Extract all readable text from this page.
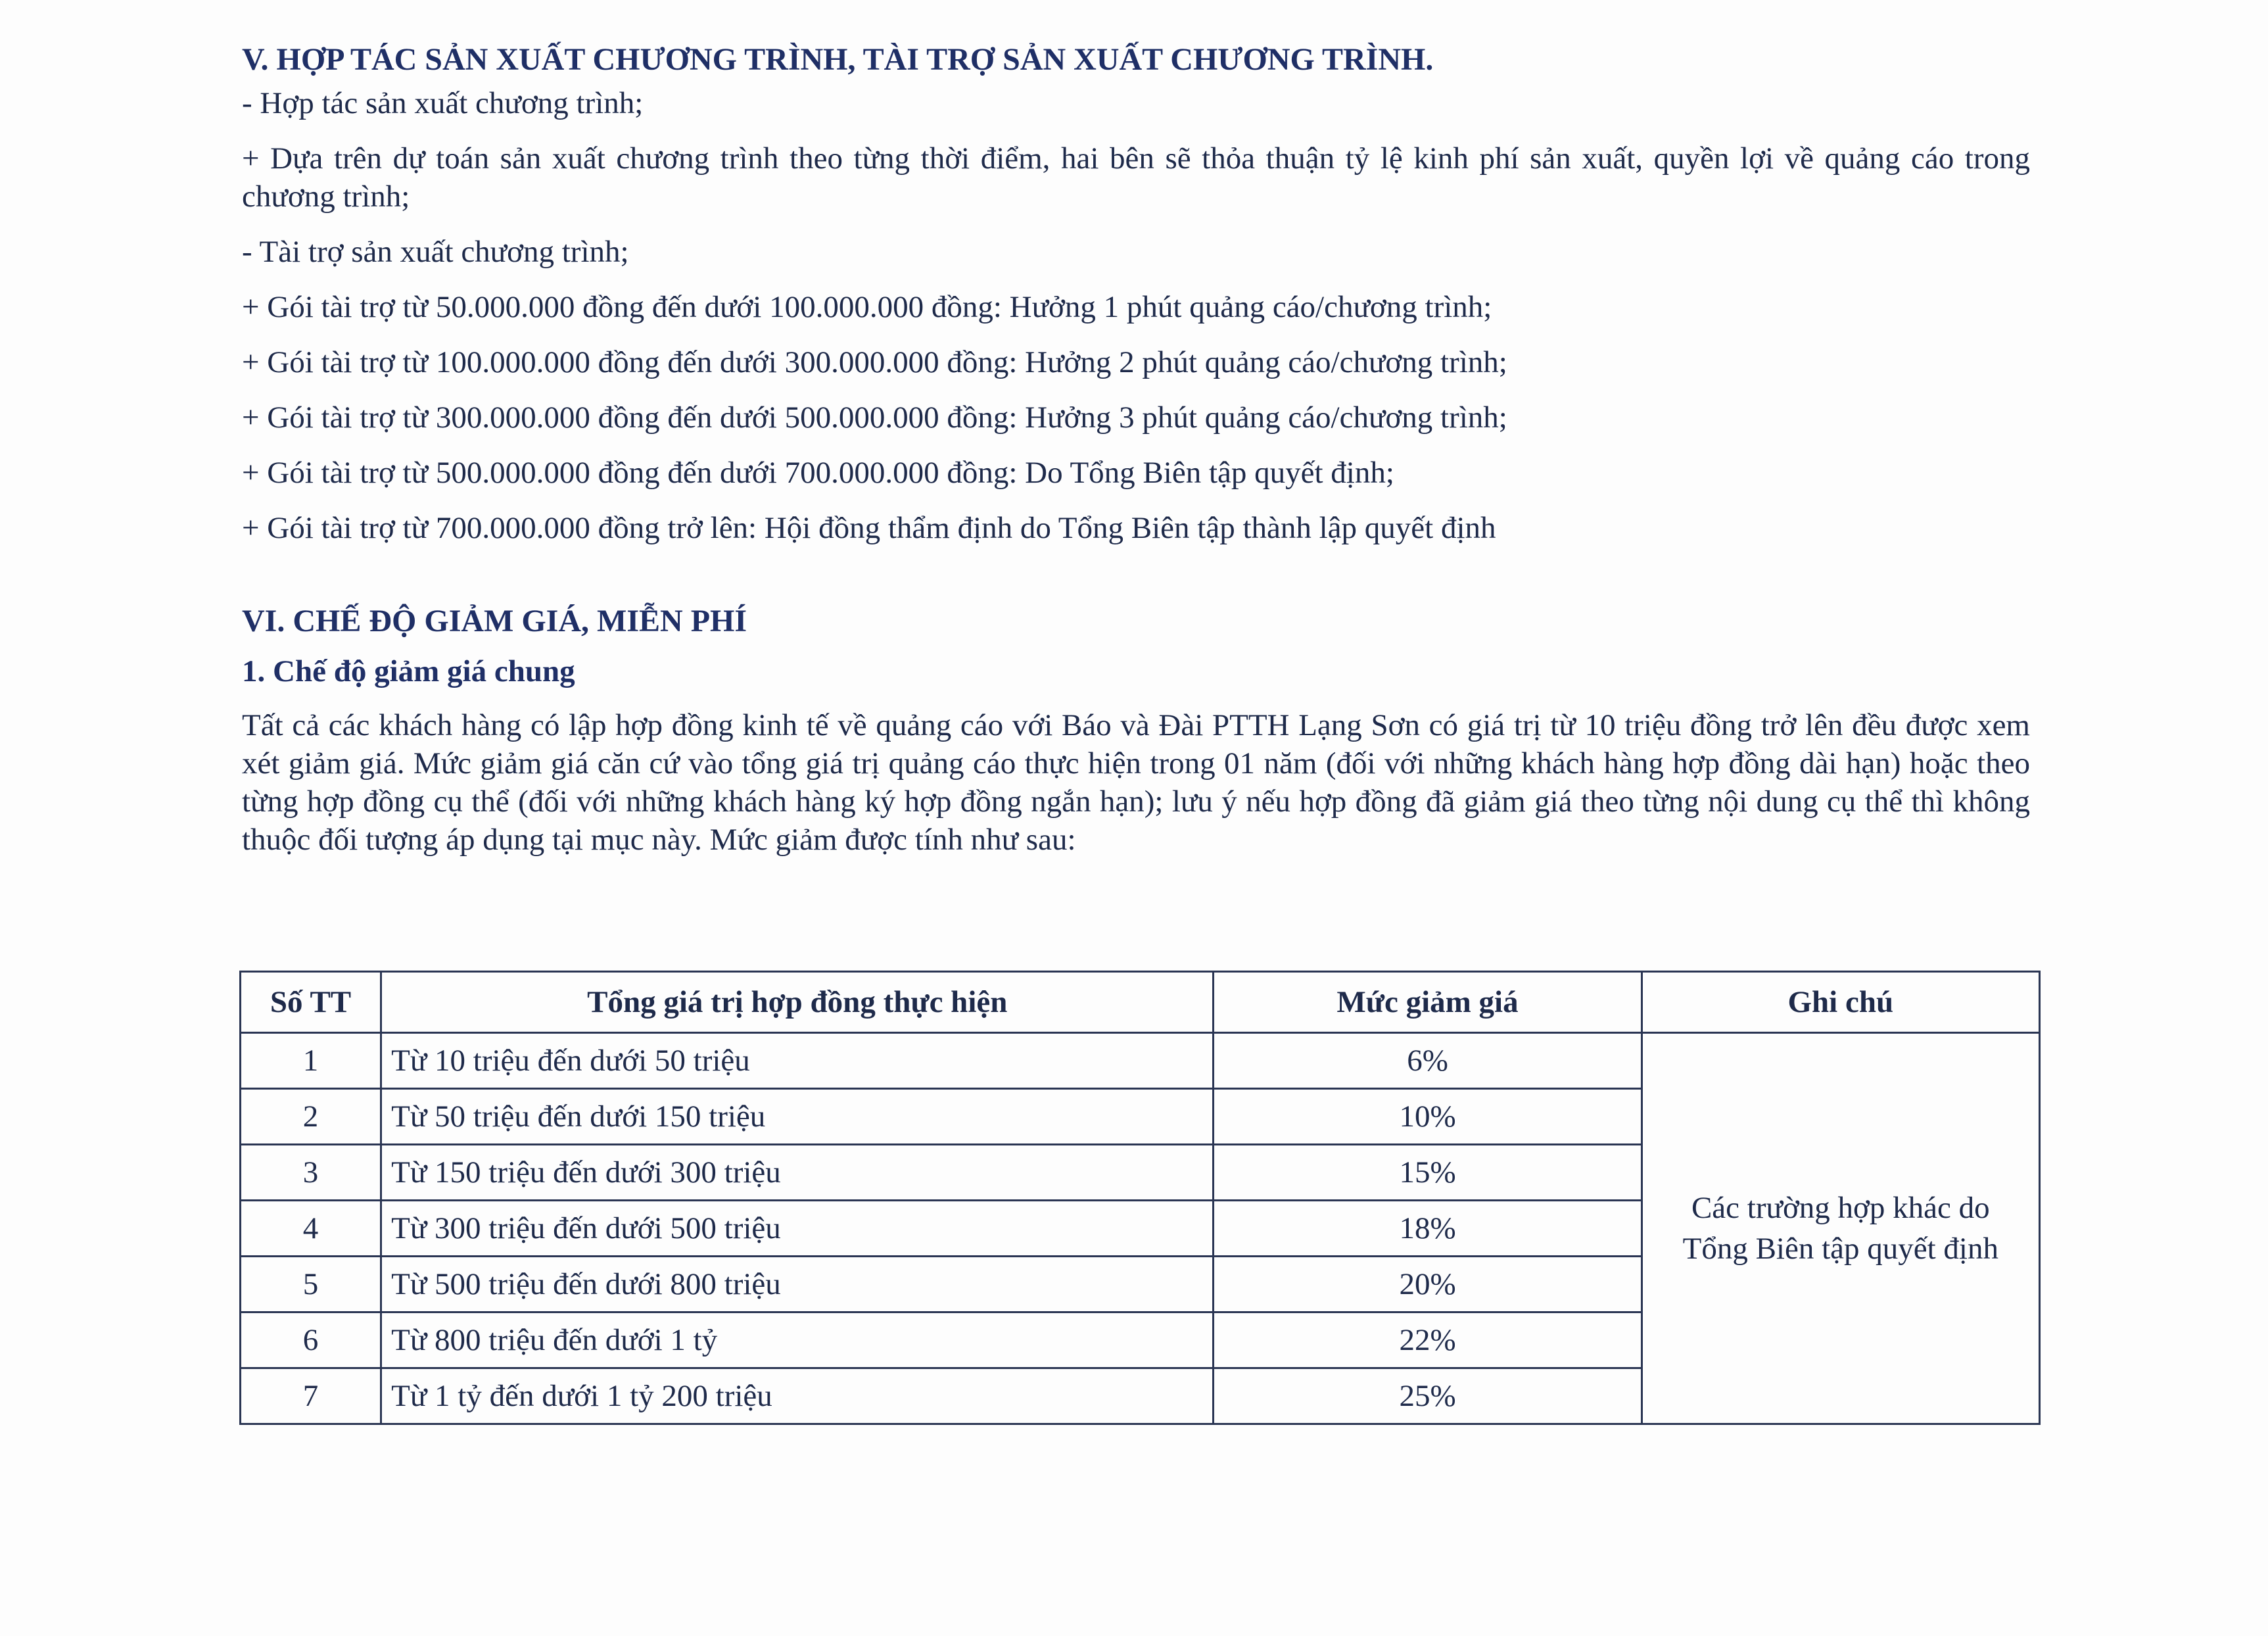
V. HỢP TÁC SẢN XUẤT CHƯƠNG TRÌNH, TÀI TRỢ SẢN XUẤT CHƯƠNG TRÌNH.

- Hợp tác sản xuất chương trình;

+ Dựa trên dự toán sản xuất chương trình theo từng thời điểm, hai bên sẽ thỏa thuận tỷ lệ kinh phí sản xuất, quyền lợi về quảng cáo trong chương trình;

- Tài trợ sản xuất chương trình;

+ Gói tài trợ từ 50.000.000 đồng đến dưới 100.000.000 đồng: Hưởng 1 phút quảng cáo/chương trình;

+ Gói tài trợ từ 100.000.000 đồng đến dưới 300.000.000 đồng: Hưởng 2 phút quảng cáo/chương trình;

+ Gói tài trợ từ 300.000.000 đồng đến dưới 500.000.000 đồng: Hưởng 3 phút quảng cáo/chương trình;

+ Gói tài trợ từ 500.000.000 đồng đến dưới 700.000.000 đồng: Do Tổng Biên tập quyết định;

+ Gói tài trợ từ 700.000.000 đồng trở lên: Hội đồng thẩm định do Tổng Biên tập thành lập quyết định

VI. CHẾ ĐỘ GIẢM GIÁ, MIỄN PHÍ
1. Chế độ giảm giá chung

Tất cả các khách hàng có lập hợp đồng kinh tế về quảng cáo với Báo và Đài PTTH Lạng Sơn có giá trị từ 10 triệu đồng trở lên đều được xem xét giảm giá. Mức giảm giá căn cứ vào tổng giá trị quảng cáo thực hiện trong 01 năm (đối với những khách hàng hợp đồng dài hạn) hoặc theo từng hợp đồng cụ thể (đối với những khách hàng ký hợp đồng ngắn hạn); lưu ý nếu hợp đồng đã giảm giá theo từng nội dung cụ thể thì không thuộc đối tượng áp dụng tại mục này. Mức giảm được tính như sau:

Số TT	Tổng giá trị hợp đồng thực hiện	Mức giảm giá	Ghi chú
1	Từ 10 triệu đến dưới 50 triệu	6%	Các trường hợp khác do
Tổng Biên tập quyết định
2	Từ 50 triệu đến dưới 150 triệu	10%	
3	Từ 150 triệu đến dưới 300 triệu	15%	
4	Từ 300 triệu đến dưới 500 triệu	18%	
5	Từ 500 triệu đến dưới 800 triệu	20%	
6	Từ 800 triệu đến dưới 1 tỷ	22%	
7	Từ 1 tỷ đến dưới 1 tỷ 200 triệu	25%	
